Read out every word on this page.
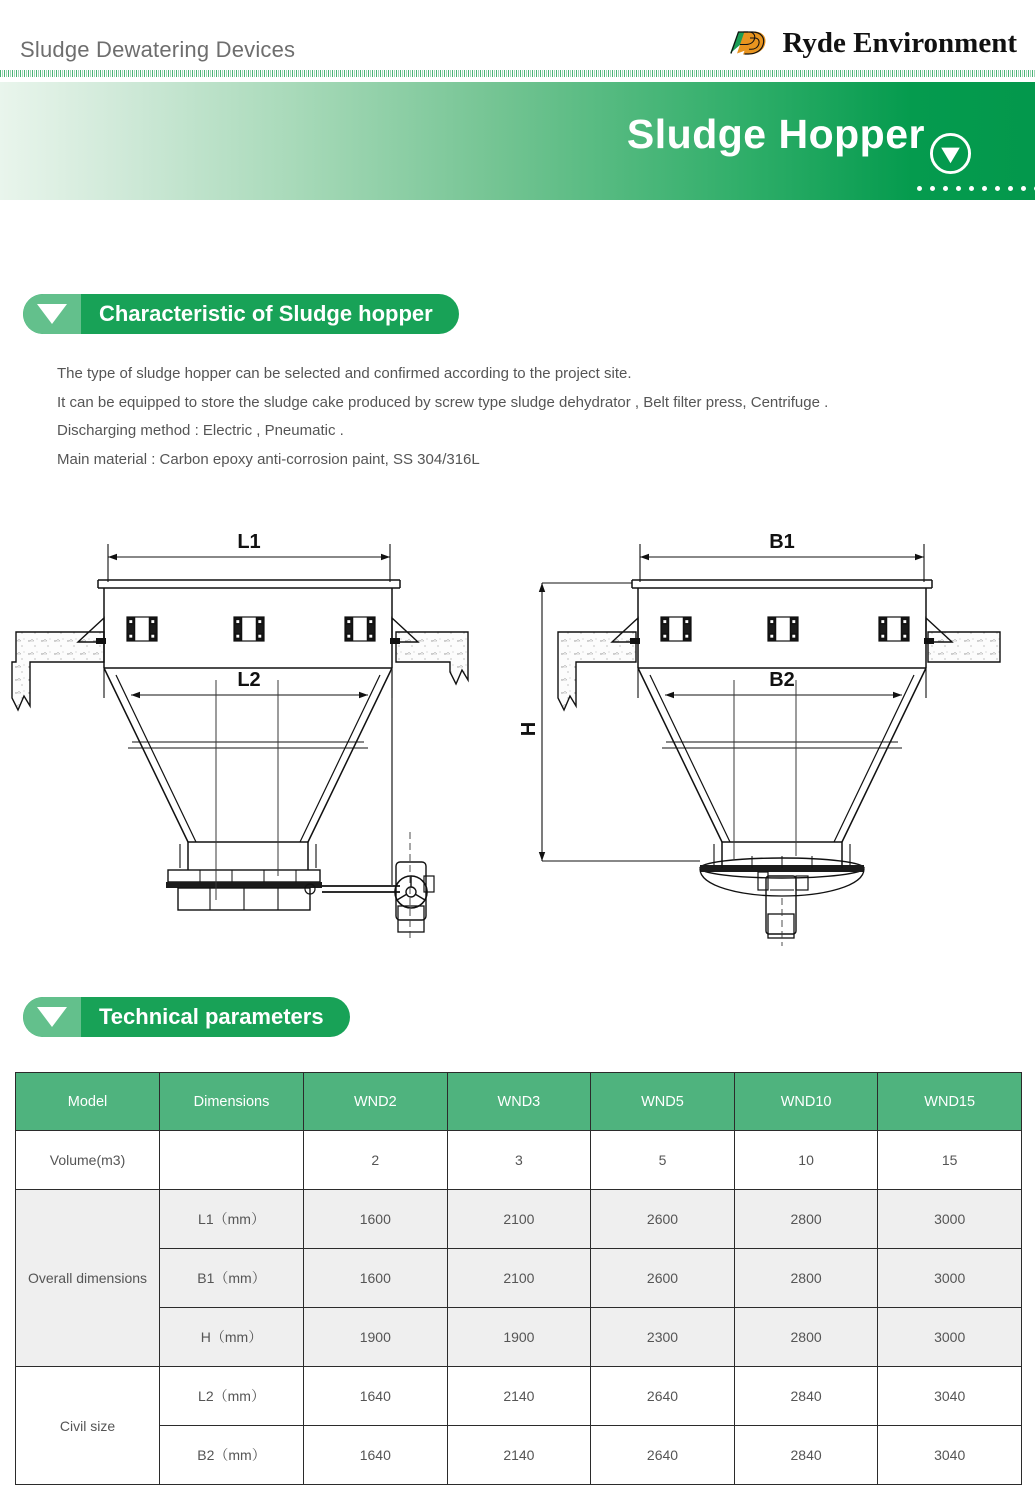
Sludge Dewatering Devices	Ryde Environment
Sludge Hopper
Characteristic of Sludge hopper

The type of sludge hopper can be selected and confirmed according to the project site.

It can be equipped to store the sludge cake produced by screw type sludge dehydrator , Belt filter press, Centrifuge .

Discharging method : Electric , Pneumatic .

Main material : Carbon epoxy anti-corrosion paint, SS 304/316L

L1
L2
B1
B2
H
Technical parameters
Model	Dimensions	WND2	WND3	WND5	WND10	WND15
Volume(m3)		2	3	5	10	15
Overall dimensions	L1（mm）	1600	2100	2600	2800	3000
	B1（mm）	1600	2100	2600	2800	3000
	H（mm）	1900	1900	2300	2800	3000
Civil size	L2（mm）	1640	2140	2640	2840	3040
	B2（mm）	1640	2140	2640	2840	3040
